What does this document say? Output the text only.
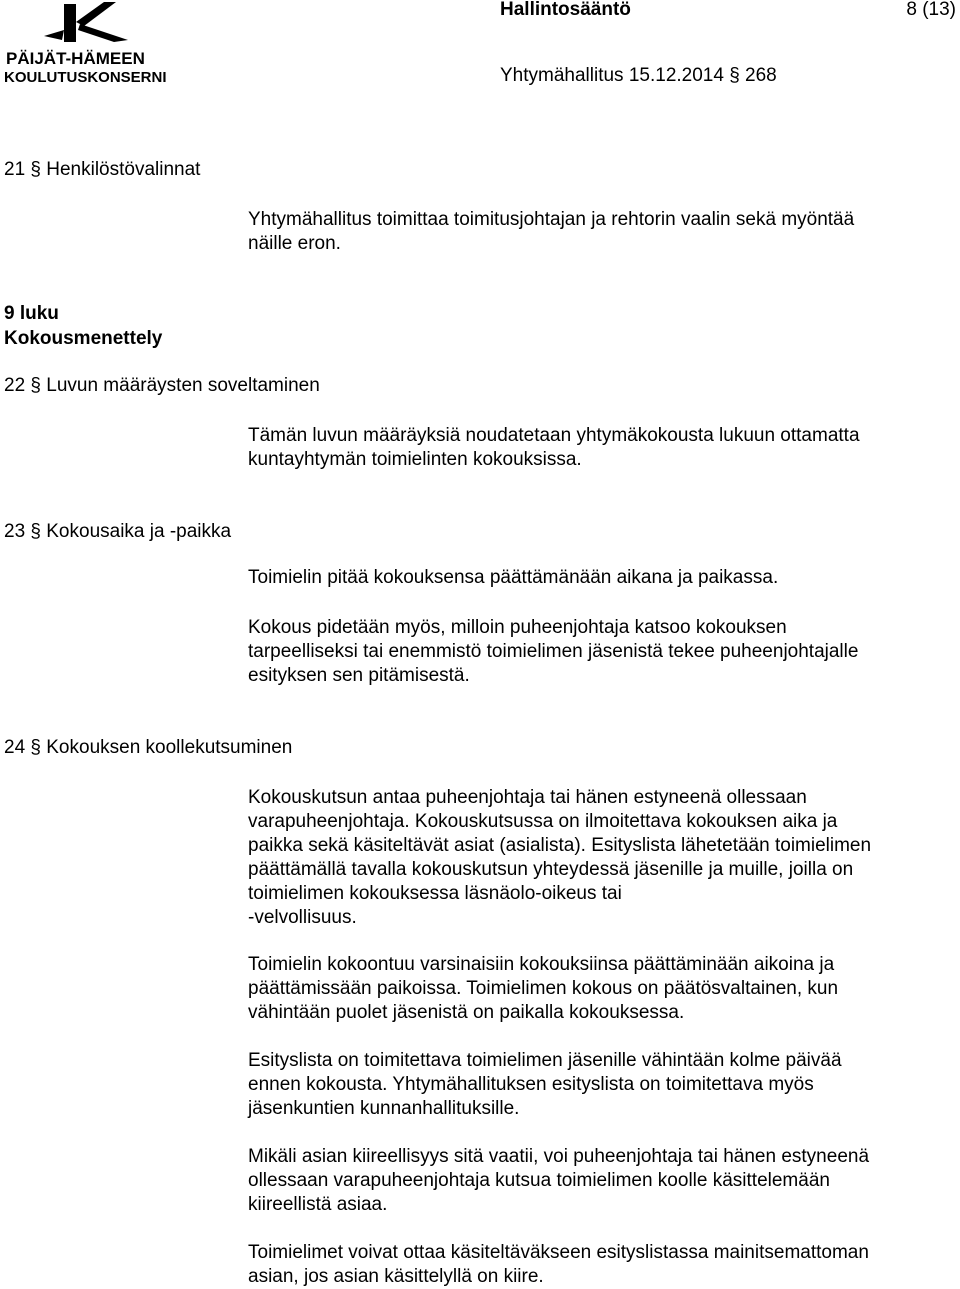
PÄIJÄT-HÄMEEN
KOULUTUSKONSERNI
Hallintosääntö	8 (13)
Yhtymähallitus 15.12.2014 § 268
21 § Henkilöstövalinnat

Yhtymähallitus toimittaa toimitusjohtajan ja rehtorin vaalin sekä myöntää
näille eron.

9 luku
Kokousmenettely
22 § Luvun määräysten soveltaminen

Tämän luvun määräyksiä noudatetaan yhtymäkokousta lukuun ottamatta
kuntayhtymän toimielinten kokouksissa.

23 § Kokousaika ja -paikka

Toimielin pitää kokouksensa päättämänään aikana ja paikassa.

Kokous pidetään myös, milloin puheenjohtaja katsoo kokouksen
tarpeelliseksi tai enemmistö toimielimen jäsenistä tekee puheenjohtajalle
esityksen sen pitämisestä.

24 § Kokouksen koollekutsuminen

Kokouskutsun antaa puheenjohtaja tai hänen estyneenä ollessaan
varapuheenjohtaja. Kokouskutsussa on ilmoitettava kokouksen aika ja
paikka sekä käsiteltävät asiat (asialista). Esityslista lähetetään toimielimen
päättämällä tavalla kokouskutsun yhteydessä jäsenille ja muille, joilla on
toimielimen kokouksessa läsnäolo-oikeus tai
-velvollisuus.

Toimielin kokoontuu varsinaisiin kokouksiinsa päättäminään aikoina ja
päättämissään paikoissa. Toimielimen kokous on päätösvaltainen, kun
vähintään puolet jäsenistä on paikalla kokouksessa.

Esityslista on toimitettava toimielimen jäsenille vähintään kolme päivää
ennen kokousta. Yhtymähallituksen esityslista on toimitettava myös
jäsenkuntien kunnanhallituksille.

Mikäli asian kiireellisyys sitä vaatii, voi puheenjohtaja tai hänen estyneenä
ollessaan varapuheenjohtaja kutsua toimielimen koolle käsittelemään
kiireellistä asiaa.

Toimielimet voivat ottaa käsiteltäväkseen esityslistassa mainitsemattoman
asian, jos asian käsittelyllä on kiire.
